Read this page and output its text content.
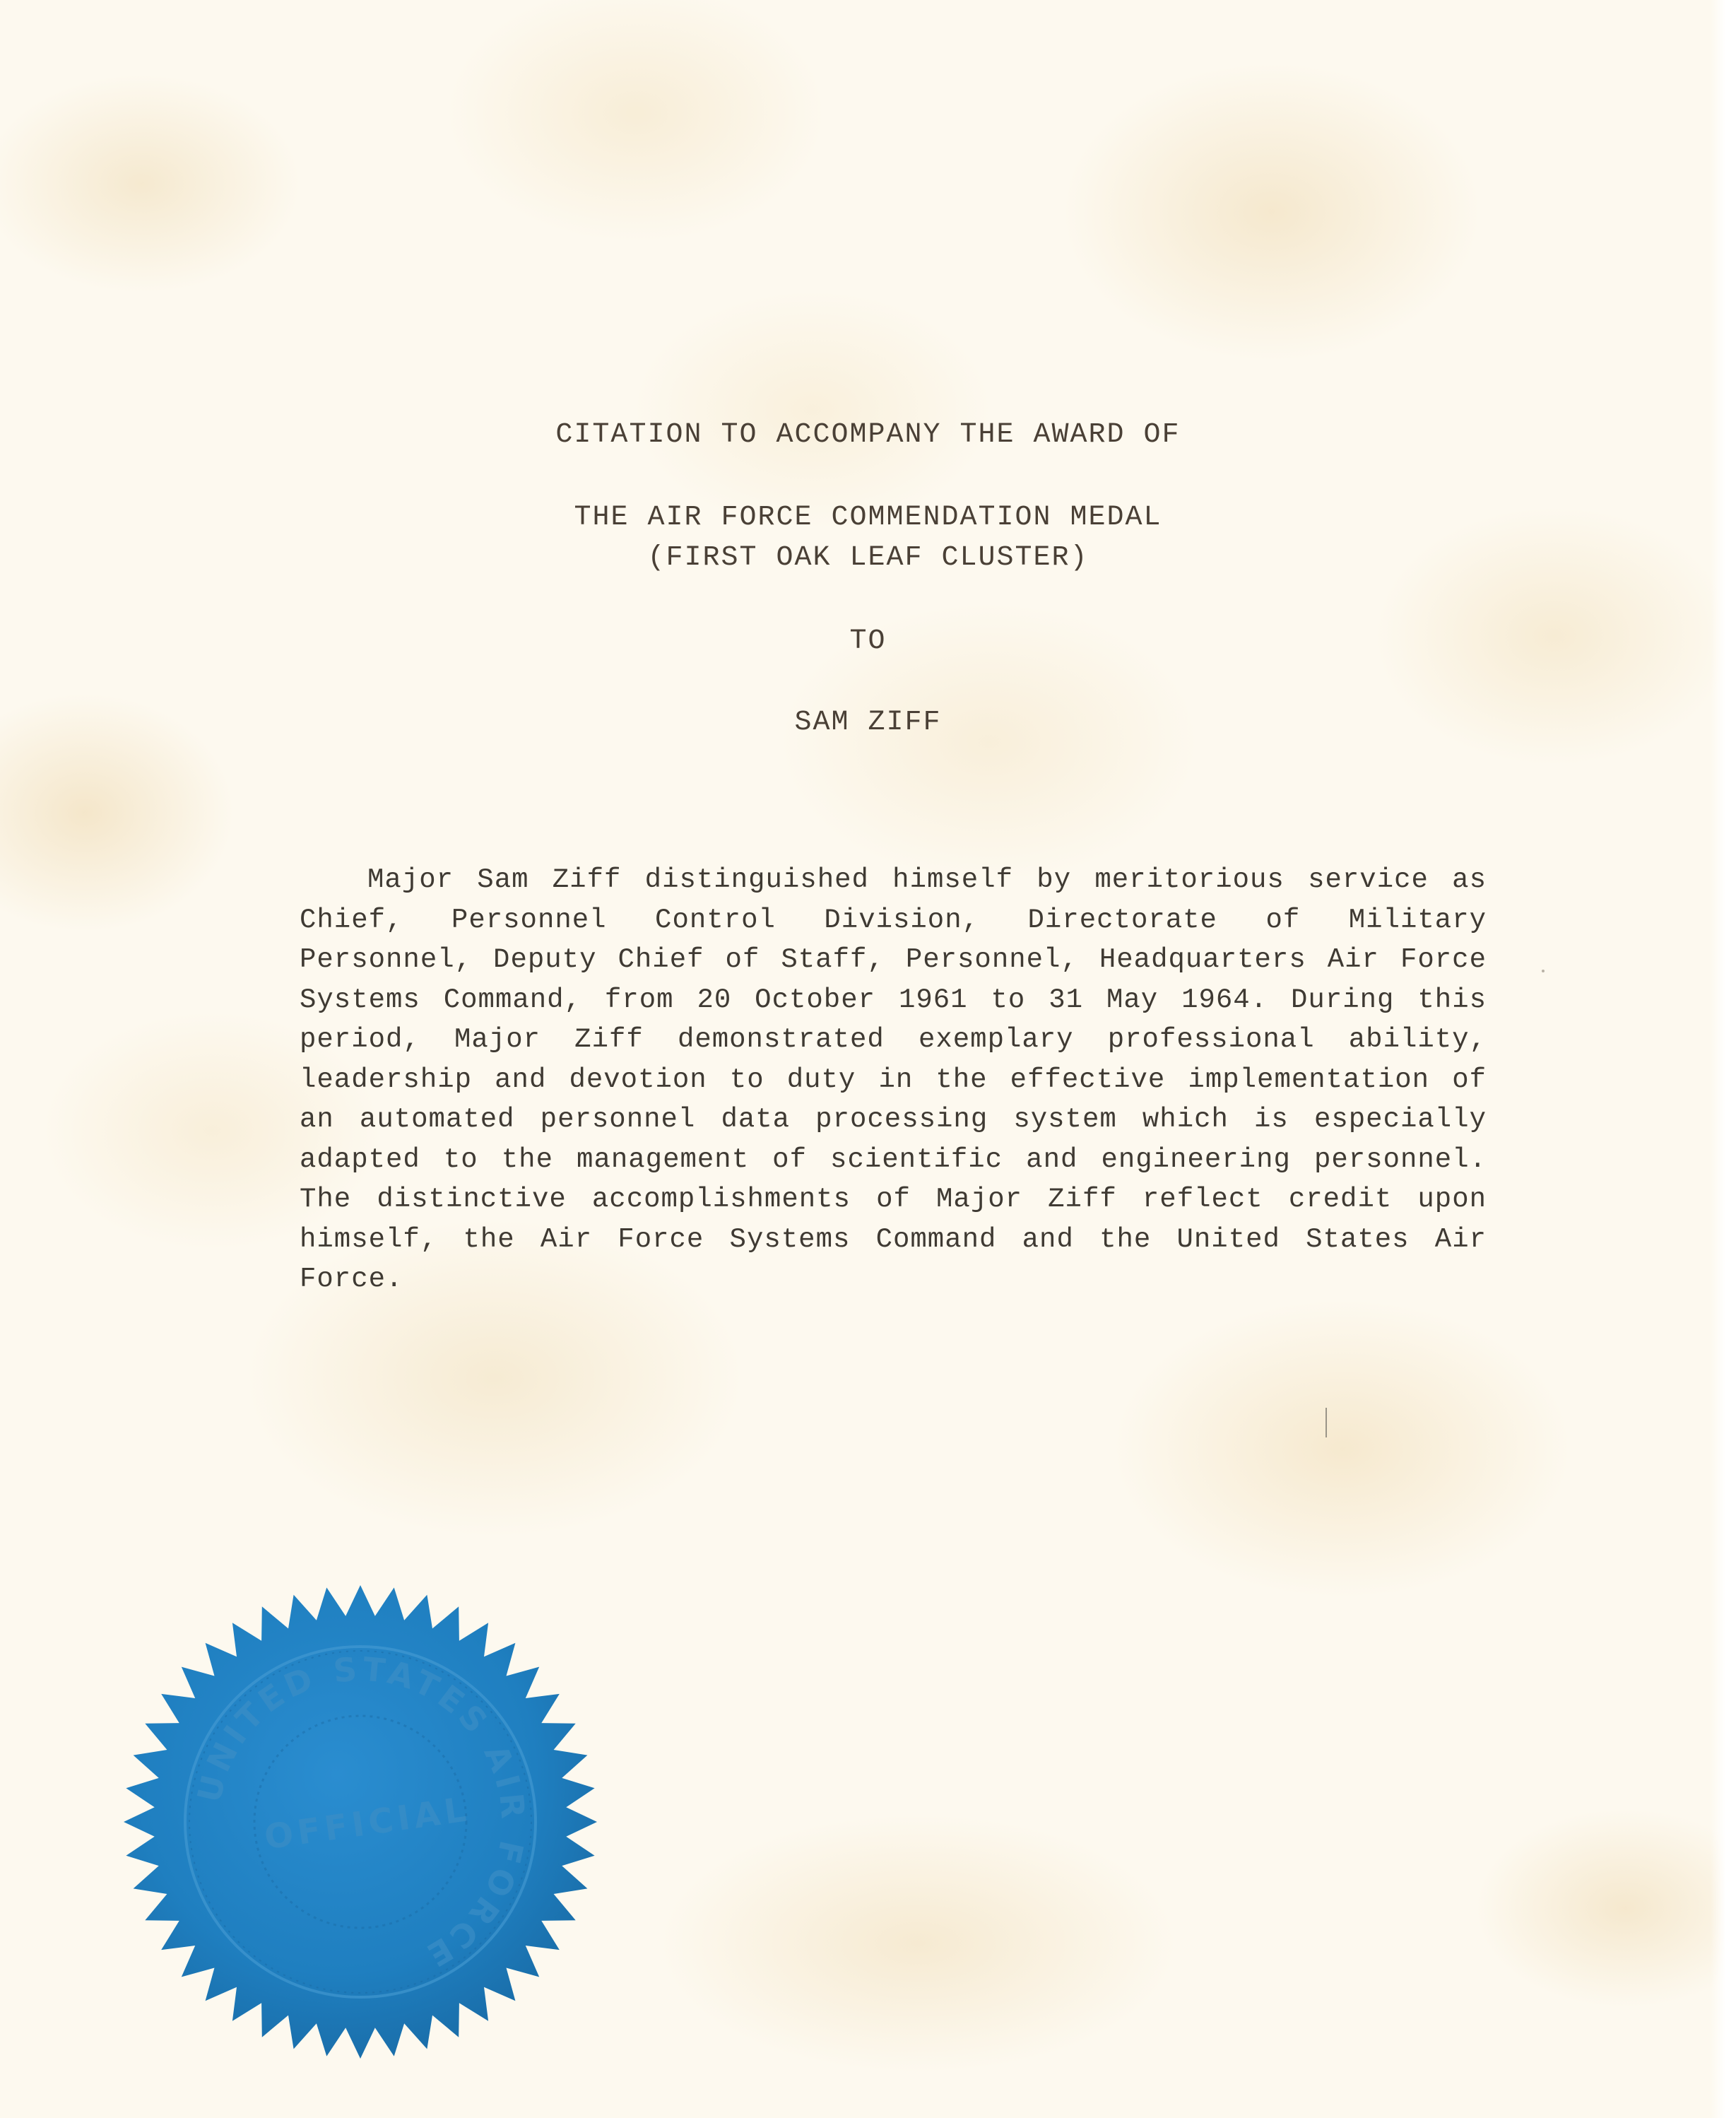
CITATION TO ACCOMPANY THE AWARD OF
THE AIR FORCE COMMENDATION MEDAL
(FIRST OAK LEAF CLUSTER)
TO
SAM ZIFF

Major Sam Ziff distinguished himself by meritorious service as Chief, Personnel Control Division, Directorate of Military Personnel, Deputy Chief of Staff, Personnel, Headquarters Air Force Systems Command, from 20 October 1961 to 31 May 1964. During this period, Major Ziff demonstrated exemplary professional ability, leadership and devotion to duty in the effective implementation of an automated personnel data processing system which is especially adapted to the management of scientific and engineering personnel. The distinctive accomplishments of Major Ziff reflect credit upon himself, the Air Force Systems Command and the United States Air Force.

UNITED STATES AIR FORCE
OFFICIAL
